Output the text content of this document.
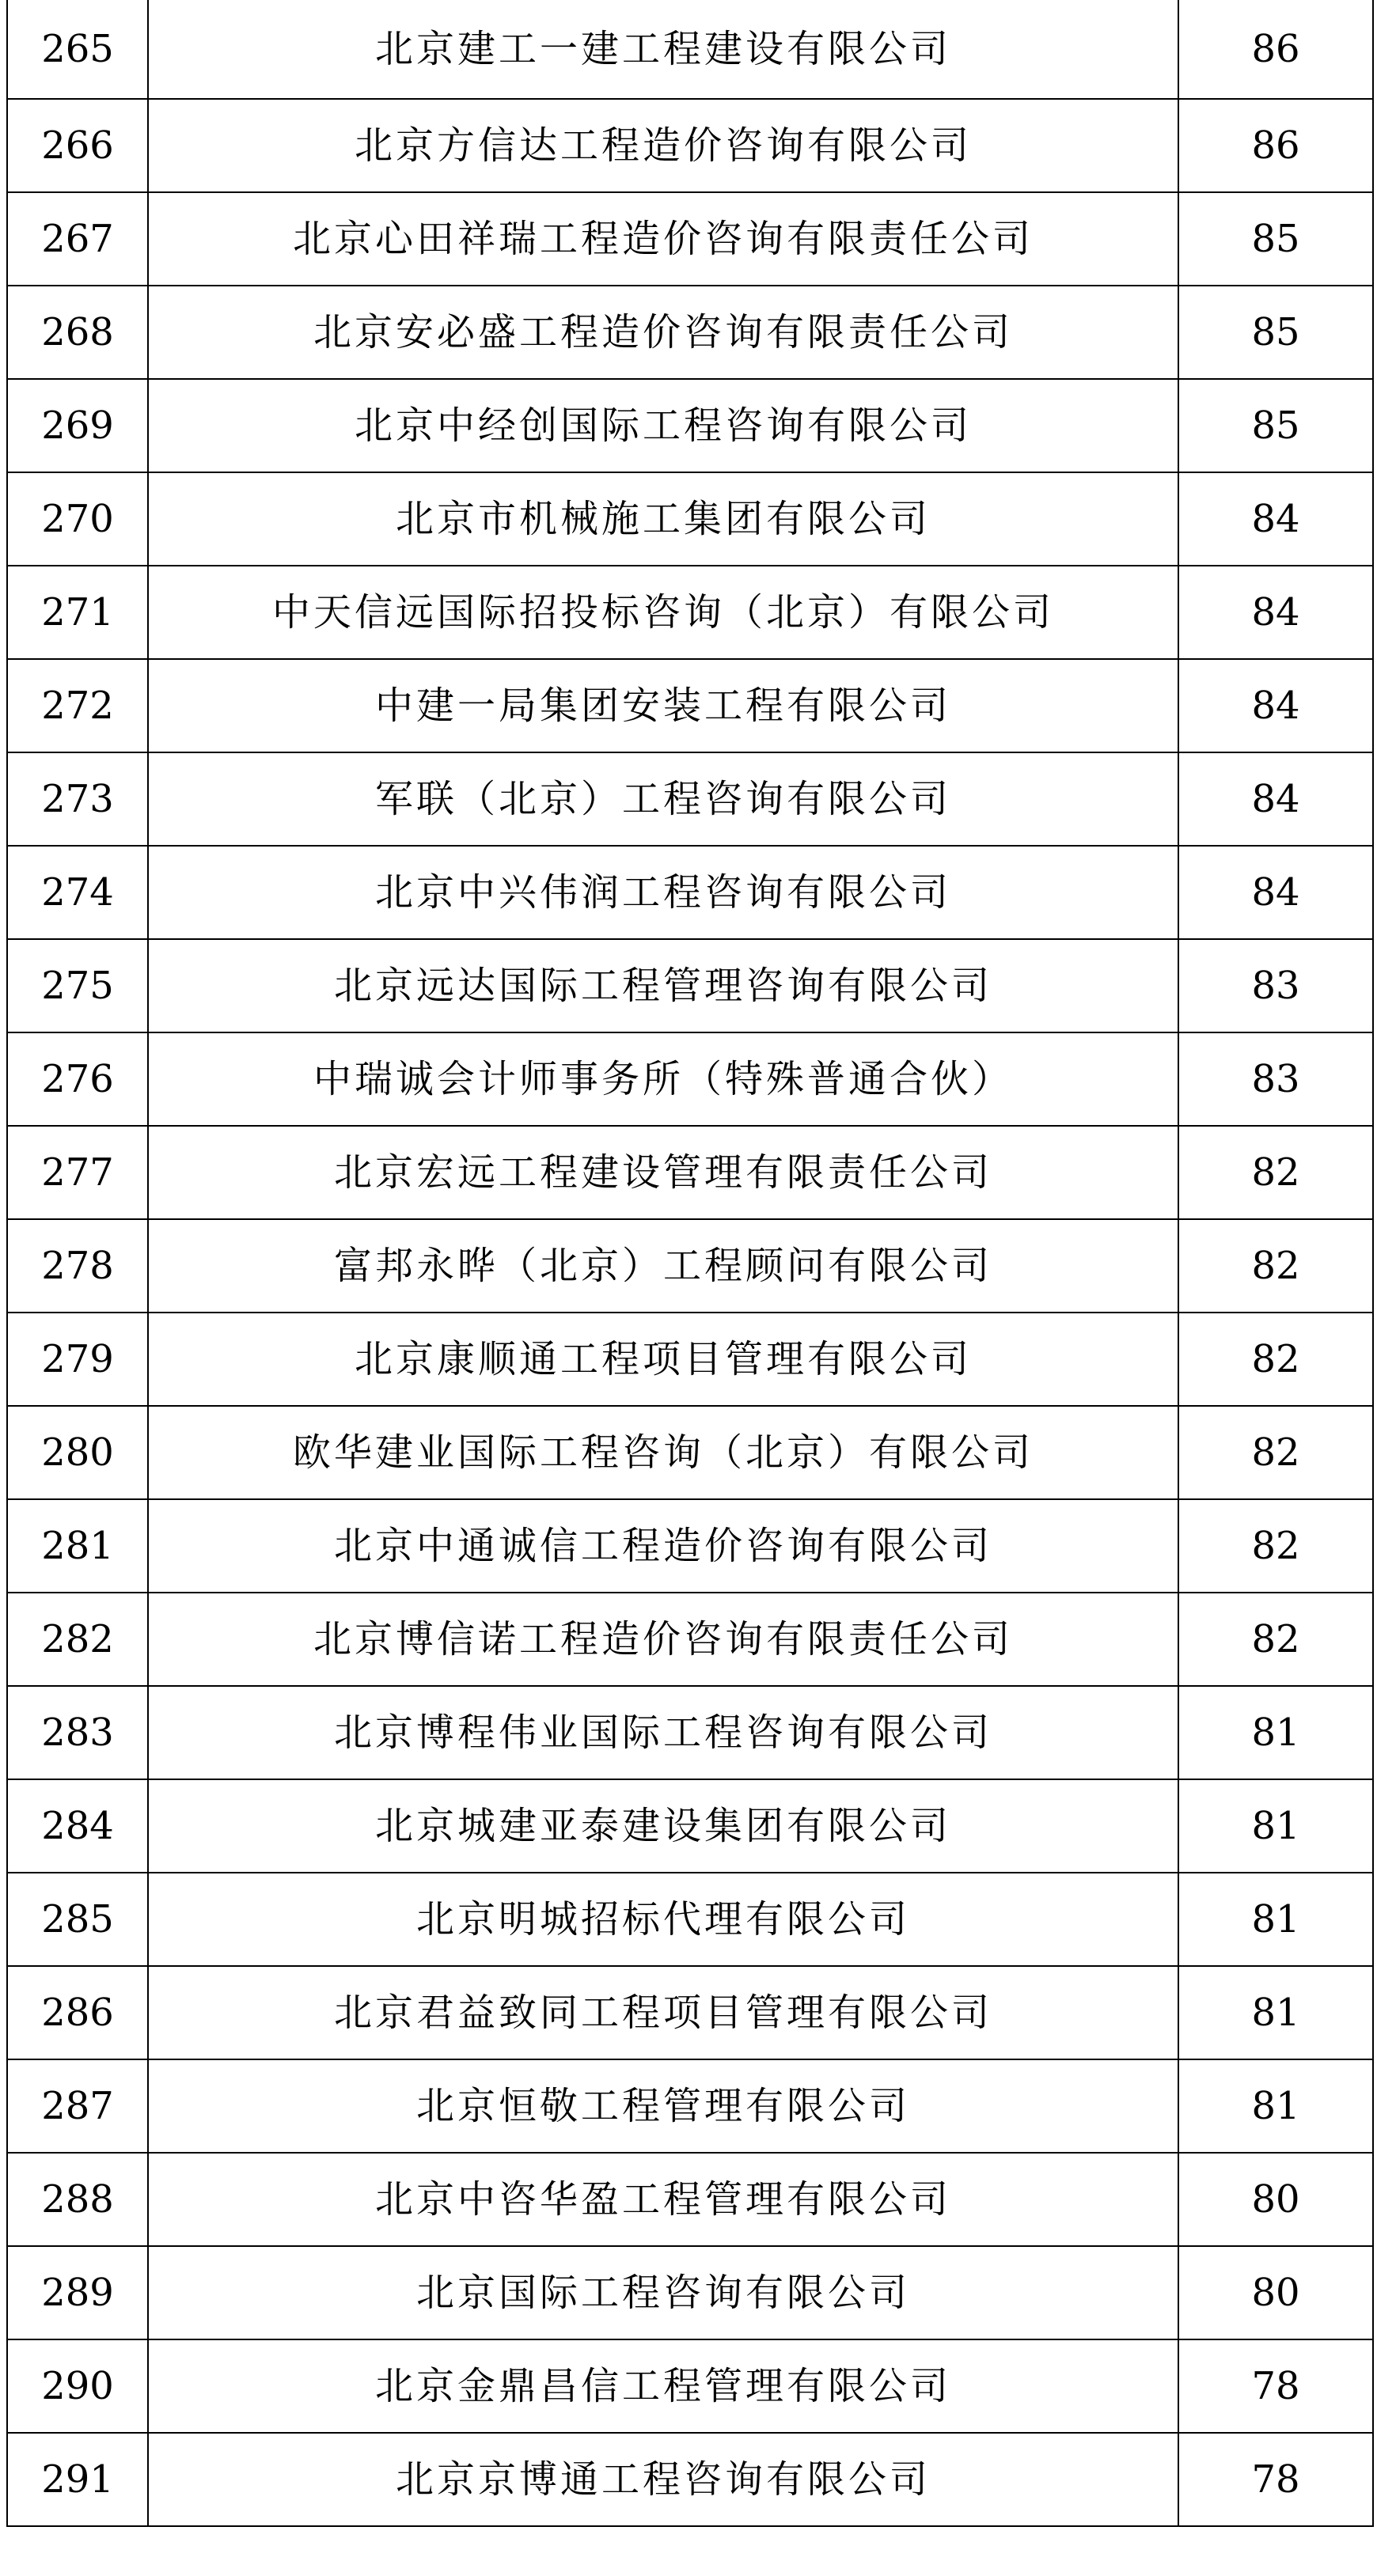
265	北京建工一建工程建设有限公司	86
266	北京方信达工程造价咨询有限公司	86
267	北京心田祥瑞工程造价咨询有限责任公司	85
268	北京安必盛工程造价咨询有限责任公司	85
269	北京中经创国际工程咨询有限公司	85
270	北京市机械施工集团有限公司	84
271	中天信远国际招投标咨询（北京）有限公司	84
272	中建一局集团安装工程有限公司	84
273	军联（北京）工程咨询有限公司	84
274	北京中兴伟润工程咨询有限公司	84
275	北京远达国际工程管理咨询有限公司	83
276	中瑞诚会计师事务所（特殊普通合伙）	83
277	北京宏远工程建设管理有限责任公司	82
278	富邦永晔（北京）工程顾问有限公司	82
279	北京康顺通工程项目管理有限公司	82
280	欧华建业国际工程咨询（北京）有限公司	82
281	北京中通诚信工程造价咨询有限公司	82
282	北京博信诺工程造价咨询有限责任公司	82
283	北京博程伟业国际工程咨询有限公司	81
284	北京城建亚泰建设集团有限公司	81
285	北京明城招标代理有限公司	81
286	北京君益致同工程项目管理有限公司	81
287	北京恒敬工程管理有限公司	81
288	北京中咨华盈工程管理有限公司	80
289	北京国际工程咨询有限公司	80
290	北京金鼎昌信工程管理有限公司	78
291	北京京博通工程咨询有限公司	78
